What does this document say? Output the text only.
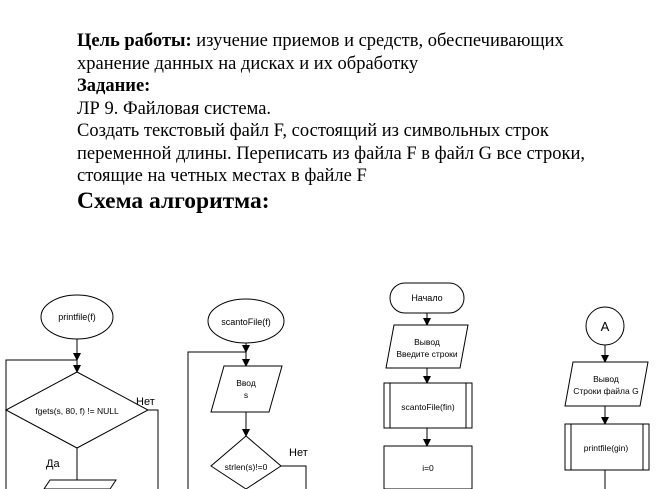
Цель работы: изучение приемов и средств, обеспечивающих

хранение данных на дисках и их обработку

Задание:

ЛР 9. Файловая система.

Создать текстовый файл F, состоящий из символьных строк

переменной длины. Переписать из файла F в файл G все строки,

стоящие на четных местах в файле F

Схема алгоритма:

printfile(f)
fgets(s, 80, f) != NULL
Нет
Да
scantoFile(f)
Ввод
s
strlen(s)!=0
Нет
Начало
Вывод
Введите строки
scantoFile(fin)
i=0
А
Вывод
Строки файла G
printfile(gin)
